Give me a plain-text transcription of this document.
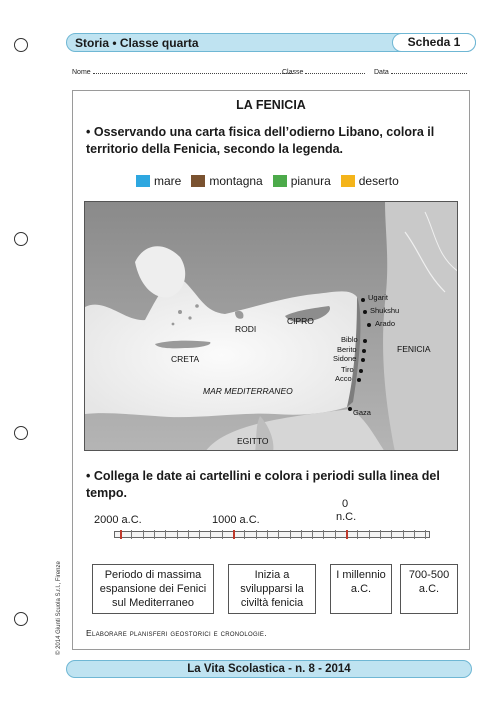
Storia • Classe quarta	Scheda 1
Nome	Classe	Data
LA FENICIA
• Osservando una carta fisica dell’odierno Libano, colora il territorio della Fenicia, secondo la legenda.
mare montagna pianura deserto
RODI
CIPRO
CRETA
MAR MEDITERRANEO
EGITTO
FENICIA
Ugarit
Shukshu
Arado
Biblo
Berito
Sidone
Tiro
Acco
Gaza
• Collega le date ai cartellini e colora i periodi sulla linea del tempo.
2000 a.C.	1000 a.C.
0
n.C.
Periodo di massima espansione dei Fenici sul Mediterraneo
Inizia a svilupparsi la civiltà fenicia
I millennio a.C.
700-500 a.C.
Elaborare planisferi geostorici e cronologie.
© 2014 Giunti Scuola S.r.l., Firenze
La Vita Scolastica - n. 8 - 2014
